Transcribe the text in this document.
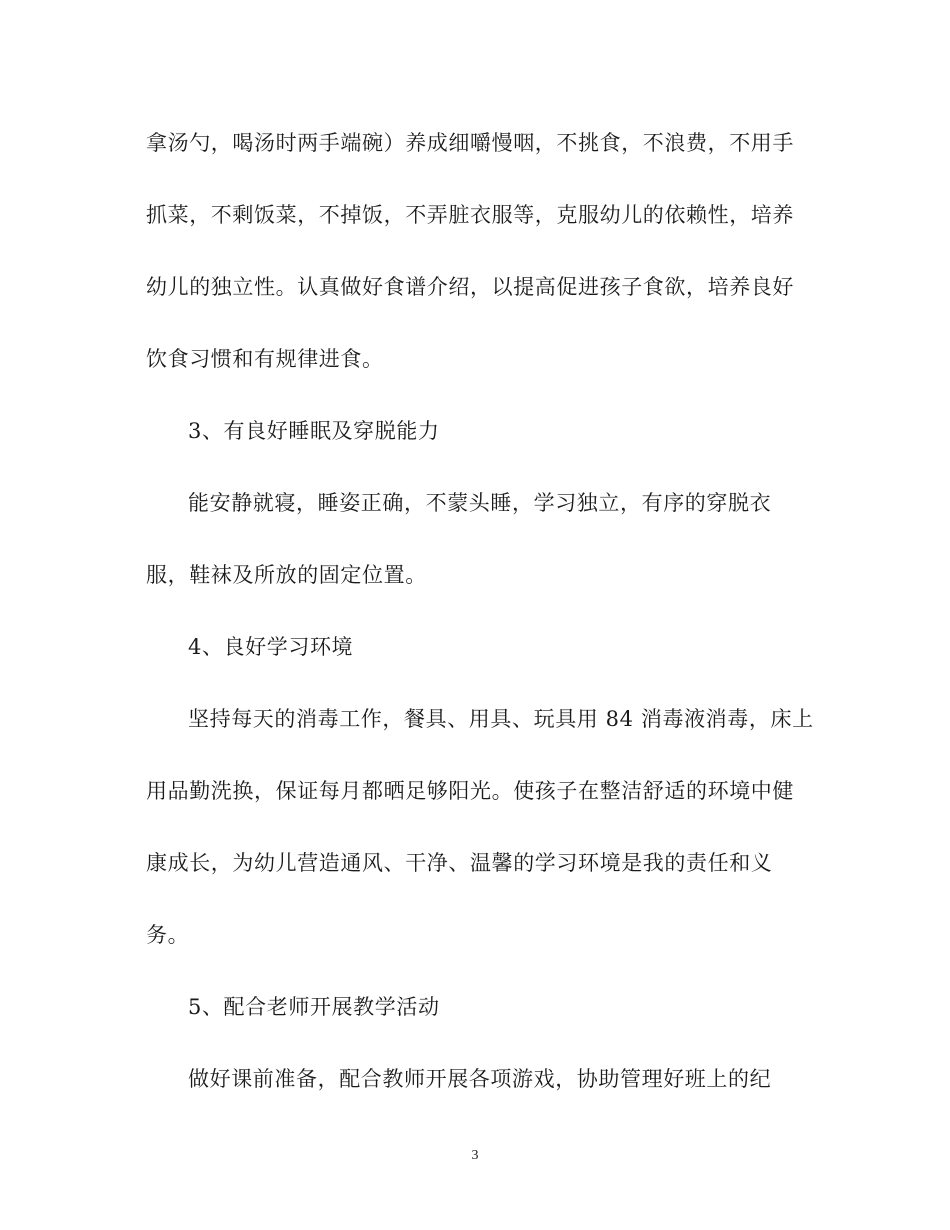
拿汤勺，喝汤时两手端碗）养成细嚼慢咽，不挑食，不浪费，不用手
抓菜，不剩饭菜，不掉饭，不弄脏衣服等，克服幼儿的依赖性，培养
幼儿的独立性。认真做好食谱介绍，以提高促进孩子食欲，培养良好
饮食习惯和有规律进食。
3、有良好睡眠及穿脱能力
能安静就寝，睡姿正确，不蒙头睡，学习独立，有序的穿脱衣
服，鞋袜及所放的固定位置。
4、良好学习环境
坚持每天的消毒工作，餐具、用具、玩具用 84 消毒液消毒，床上
用品勤洗换，保证每月都晒足够阳光。使孩子在整洁舒适的环境中健
康成长，为幼儿营造通风、干净、温馨的学习环境是我的责任和义
务。
5、配合老师开展教学活动
做好课前准备，配合教师开展各项游戏，协助管理好班上的纪
3
